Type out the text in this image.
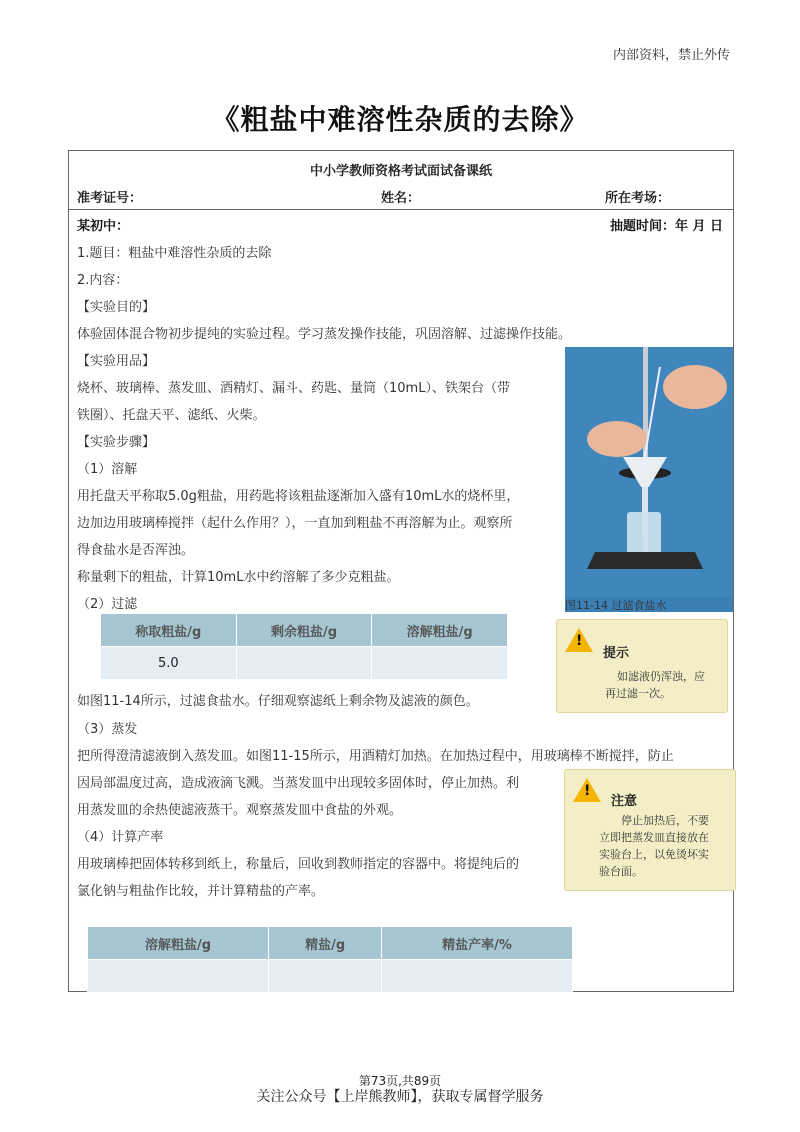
内部资料，禁止外传
《粗盐中难溶性杂质的去除》
中小学教师资格考试面试备课纸
准考证号：	姓名：	所在考场：
某初中：	抽题时间：年 月 日
1.题目：粗盐中难溶性杂质的去除
2.内容：
【实验目的】
体验固体混合物初步提纯的实验过程。学习蒸发操作技能，巩固溶解、过滤操作技能。
【实验用品】
烧杯、玻璃棒、蒸发皿、酒精灯、漏斗、药匙、量筒（10mL）、铁架台（带
铁圈）、托盘天平、滤纸、火柴。
【实验步骤】
（1）溶解
用托盘天平称取5.0g粗盐，用药匙将该粗盐逐渐加入盛有10mL水的烧杯里，
边加边用玻璃棒搅拌（起什么作用？），一直加到粗盐不再溶解为止。观察所
得食盐水是否浑浊。
称量剩下的粗盐，计算10mL水中约溶解了多少克粗盐。
（2）过滤
称取粗盐/g	剩余粗盐/g	溶解粗盐/g
5.0		
如图11-14所示，过滤食盐水。仔细观察滤纸上剩余物及滤液的颜色。
（3）蒸发
把所得澄清滤液倒入蒸发皿。如图11-15所示，用酒精灯加热。在加热过程中，用玻璃棒不断搅拌，防止
因局部温度过高，造成液滴飞溅。当蒸发皿中出现较多固体时，停止加热。利
用蒸发皿的余热使滤液蒸干。观察蒸发皿中食盐的外观。
（4）计算产率
用玻璃棒把固体转移到纸上，称量后，回收到教师指定的容器中。将提纯后的
氯化钠与粗盐作比较，并计算精盐的产率。
溶解粗盐/g	精盐/g	精盐产率/%

图11-14 过滤食盐水
!
提示
如滤液仍浑浊，应
再过滤一次。
!
注意
停止加热后，不要
立即把蒸发皿直接放在
实验台上，以免烫坏实
验台面。
第73页,共89页
关注公众号【上岸熊教师】，获取专属督学服务
